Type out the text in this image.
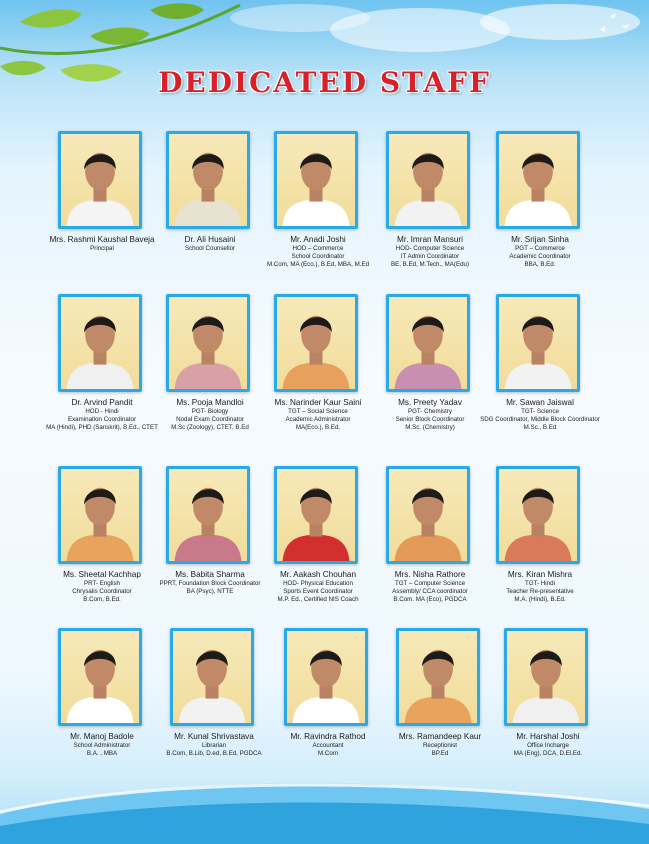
DEDICATED STAFF
Mrs. Rashmi Kaushal Baveja
Principal
Dr. Ali Husaini
School Counsellor
Mr. Anadi Joshi
HOD – Commerce
School Coordinator
M.Com, MA (Eco.), B.Ed, MBA, M.Ed
Mr. Imran Mansuri
HOD- Computer Science
IT Admin Coordinator
BE, B.Ed, M.Tech., MA(Edu)
Mr. Srijan Sinha
PGT – Commerce
Academic Coordinator
BBA, B.Ed.
Dr. Arvind Pandit
HOD - Hindi
Examination Coordinator
MA (Hindi), PHD (Sanskrit), B.Ed., CTET
Ms. Pooja Mandloi
PGT- Biology
Nodal Exam Coordinator
M.Sc (Zoology), CTET, B.Ed
Ms. Narinder Kaur Saini
TGT – Social Science
Academic Administrator
MA(Eco.), B.Ed.
Ms. Preety Yadav
PGT- Chemistry
Senior Block Coordinator
M.Sc. (Chemistry)
Mr. Sawan Jaiswal
TGT- Science
SDG Coordinator, Middle Block Coordinator
M.Sc., B.Ed
Ms. Sheetal Kachhap
PRT- English
Chrysalis Coordinator
B.Com, B.Ed.
Ms. Babita Sharma
PPRT, Foundation Block Coordinator
BA (Psyc), NTTE
Mr. Aakash Chouhan
HOD- Physical Education
Sports Event Coordinator
M.P. Ed., Certified NIS Coach
Mrs. Nisha Rathore
TGT – Computer Science
Assembly/ CCA coordinator
B.Com. MA (Eco), PGDCA
Mrs. Kiran Mishra
TGT- Hindi
Teacher Re-presentative
M.A. (Hindi), B.Ed.
Mr. Manoj Badole
School Administrator
B.A. , MBA
Mr. Kunal Shrivastava
Librarian
B.Com, B.Lib, D.ed, B.Ed, PGDCA
Mr. Ravindra Rathod
Accountant
M.Com
Mrs. Ramandeep Kaur
Receptionist
BP.Ed
Mr. Harshal Joshi
Office Incharge
MA (Eng), DCA, D.El.Ed.
